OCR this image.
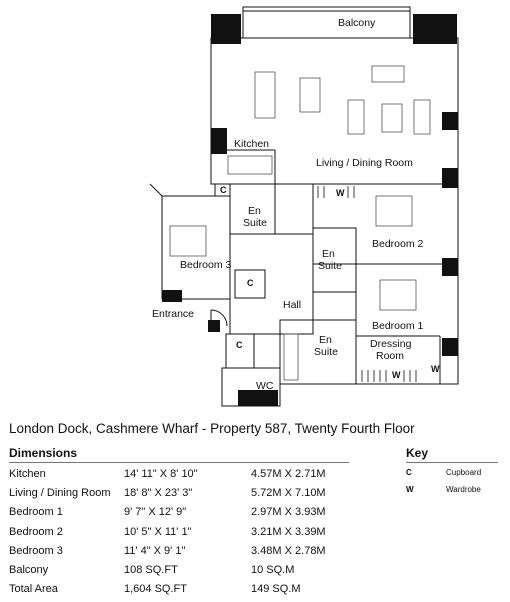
Balcony
Kitchen
Living / Dining Room
Bedroom 2
Bedroom 3
Bedroom 1
En
Suite
En
Suite
En
Suite
Hall
Entrance
Dressing
Room
WC
C
C
C
W
W
W
London Dock, Cashmere Wharf - Property 587, Twenty Fourth Floor
Dimensions
Kitchen	14' 11" X 8' 10"	4.57M X 2.71M
Living / Dining Room 18' 8" X 23' 3"	5.72M X 7.10M
Bedroom 1	9' 7" X 12' 9"	2.97M X 3.93M
Bedroom 2	10' 5" X 11' 1"	3.21M X 3.39M
Bedroom 3	11' 4" X 9' 1"	3.48M X 2.78M
Balcony	108 SQ.FT	10 SQ.M
Total Area	1,604 SQ.FT	149 SQ.M
Key
C	Cupboard
W	Wardrobe
